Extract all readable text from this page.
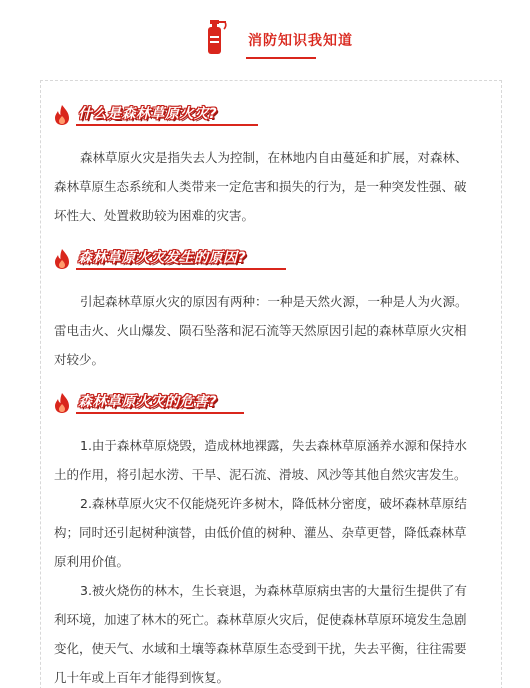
消防知识我知道
什么是森林草原火灾?
森林草原火灾是指失去人为控制，在林地内自由蔓延和扩展，对森林、
森林草原生态系统和人类带来一定危害和损失的行为，是一种突发性强、破
坏性大、处置救助较为困难的灾害。
森林草原火灾发生的原因?
引起森林草原火灾的原因有两种：一种是天然火源，一种是人为火源。
雷电击火、火山爆发、陨石坠落和泥石流等天然原因引起的森林草原火灾相
对较少。
森林草原火灾的危害?
1.由于森林草原烧毁，造成林地裸露，失去森林草原涵养水源和保持水
土的作用，将引起水涝、干旱、泥石流、滑坡、风沙等其他自然灾害发生。
2.森林草原火灾不仅能烧死许多树木，降低林分密度，破坏森林草原结
构；同时还引起树种演替，由低价值的树种、灌丛、杂草更替，降低森林草
原利用价值。
3.被火烧伤的林木，生长衰退，为森林草原病虫害的大量衍生提供了有
利环境，加速了林木的死亡。森林草原火灾后，促使森林草原环境发生急剧
变化，使天气、水域和土壤等森林草原生态受到干扰，失去平衡，往往需要
几十年或上百年才能得到恢复。
